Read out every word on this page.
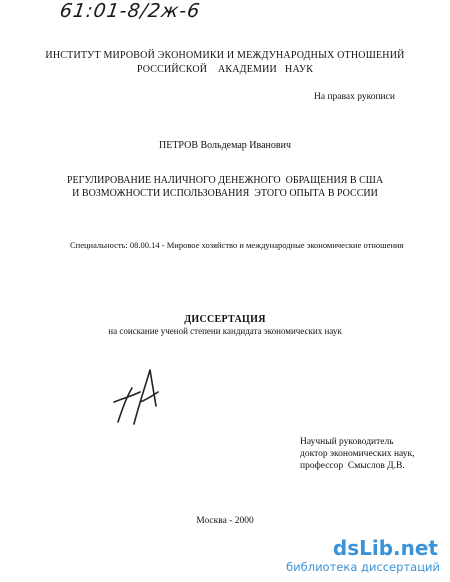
61:01-8/2ж-6
ИНСТИТУТ МИРОВОЙ ЭКОНОМИКИ И МЕЖДУНАРОДНЫХ ОТНОШЕНИЙ
РОССИЙСКОЙ    АКАДЕМИИ   НАУК
На правах рукописи
ПЕТРОВ Вольдемар Иванович
РЕГУЛИРОВАНИЕ НАЛИЧНОГО ДЕНЕЖНОГО  ОБРАЩЕНИЯ В США
И ВОЗМОЖНОСТИ ИСПОЛЬЗОВАНИЯ  ЭТОГО ОПЫТА В РОССИИ
Специальность: 08.00.14 - Мировое хозяйство и международные экономические отношения
ДИССЕРТАЦИЯ
на соискание ученой степени кандидата экономических наук
Научный руководитель
доктор экономических наук,
профессор  Смыслов Д.В.
Москва - 2000
dsLib.net
библиотека диссертаций
